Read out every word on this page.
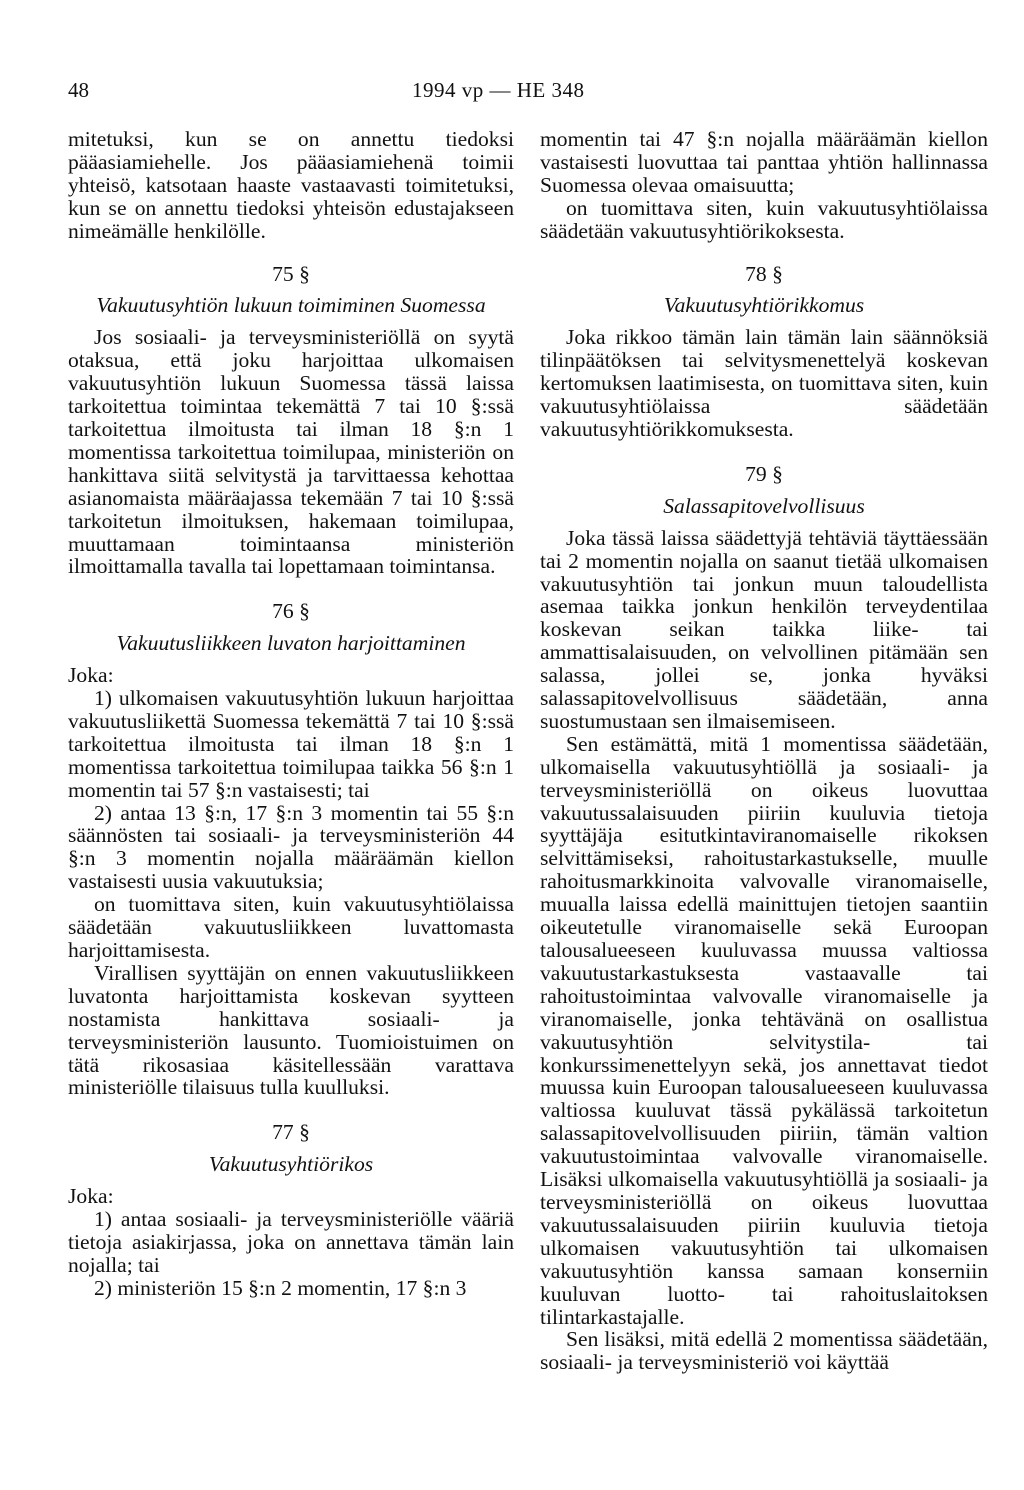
48	1994 vp — HE 348

mitetuksi, kun se on annettu tiedoksi pääasiamiehelle. Jos pääasiamiehenä toimii yhteisö, katsotaan haaste vastaavasti toimitetuksi, kun se on annettu tiedoksi yhteisön edustajakseen nimeämälle henkilölle.

75 §
Vakuutusyhtiön lukuun toimiminen Suomessa

Jos sosiaali- ja terveysministeriöllä on syytä otaksua, että joku harjoittaa ulkomaisen vakuutusyhtiön lukuun Suomessa tässä laissa tarkoitettua toimintaa tekemättä 7 tai 10 §:ssä tarkoitettua ilmoitusta tai ilman 18 §:n 1 momentissa tarkoitettua toimilupaa, ministeriön on hankittava siitä selvitystä ja tarvittaessa kehottaa asianomaista määräajassa tekemään 7 tai 10 §:ssä tarkoitetun ilmoituksen, hakemaan toimilupaa, muuttamaan toimintaansa ministeriön ilmoittamalla tavalla tai lopettamaan toimintansa.

76 §
Vakuutusliikkeen luvaton harjoittaminen

Joka:

1) ulkomaisen vakuutusyhtiön lukuun harjoittaa vakuutusliikettä Suomessa tekemättä 7 tai 10 §:ssä tarkoitettua ilmoitusta tai ilman 18 §:n 1 momentissa tarkoitettua toimilupaa taikka 56 §:n 1 momentin tai 57 §:n vastaisesti; tai

2) antaa 13 §:n, 17 §:n 3 momentin tai 55 §:n säännösten tai sosiaali- ja terveysministeriön 44 §:n 3 momentin nojalla määräämän kiellon vastaisesti uusia vakuutuksia;

on tuomittava siten, kuin vakuutusyhtiölaissa säädetään vakuutusliikkeen luvattomasta harjoittamisesta.

Virallisen syyttäjän on ennen vakuutusliikkeen luvatonta harjoittamista koskevan syytteen nostamista hankittava sosiaali- ja terveysministeriön lausunto. Tuomioistuimen on tätä rikosasiaa käsitellessään varattava ministeriölle tilaisuus tulla kuulluksi.

77 §
Vakuutusyhtiörikos

Joka:

1) antaa sosiaali- ja terveysministeriölle vääriä tietoja asiakirjassa, joka on annettava tämän lain nojalla; tai

2) ministeriön 15 §:n 2 momentin, 17 §:n 3

momentin tai 47 §:n nojalla määräämän kiellon vastaisesti luovuttaa tai panttaa yhtiön hallinnassa Suomessa olevaa omaisuutta;

on tuomittava siten, kuin vakuutusyhtiölaissa säädetään vakuutusyhtiörikoksesta.

78 §
Vakuutusyhtiörikkomus

Joka rikkoo tämän lain tämän lain säännöksiä tilinpäätöksen tai selvitysmenettelyä koskevan kertomuksen laatimisesta, on tuomittava siten, kuin vakuutusyhtiölaissa säädetään vakuutusyhtiörikkomuksesta.

79 §
Salassapitovelvollisuus

Joka tässä laissa säädettyjä tehtäviä täyttäessään tai 2 momentin nojalla on saanut tietää ulkomaisen vakuutusyhtiön tai jonkun muun taloudellista asemaa taikka jonkun henkilön terveydentilaa koskevan seikan taikka liike- tai ammattisalaisuuden, on velvollinen pitämään sen salassa, jollei se, jonka hyväksi salassapitovelvollisuus säädetään, anna suostumustaan sen ilmaisemiseen.

Sen estämättä, mitä 1 momentissa säädetään, ulkomaisella vakuutusyhtiöllä ja sosiaali- ja terveysministeriöllä on oikeus luovuttaa vakuutussalaisuuden piiriin kuuluvia tietoja syyttäjäja esitutkintaviranomaiselle rikoksen selvittämiseksi, rahoitustarkastukselle, muulle rahoitusmarkkinoita valvovalle viranomaiselle, muualla laissa edellä mainittujen tietojen saantiin oikeutetulle viranomaiselle sekä Euroopan talousalueeseen kuuluvassa muussa valtiossa vakuutustarkastuksesta vastaavalle tai rahoitustoimintaa valvovalle viranomaiselle ja viranomaiselle, jonka tehtävänä on osallistua vakuutusyhtiön selvitystila- tai konkurssimenettelyyn sekä, jos annettavat tiedot muussa kuin Euroopan talousalueeseen kuuluvassa valtiossa kuuluvat tässä pykälässä tarkoitetun salassapitovelvollisuuden piiriin, tämän valtion vakuutustoimintaa valvovalle viranomaiselle. Lisäksi ulkomaisella vakuutusyhtiöllä ja sosiaali- ja terveysministeriöllä on oikeus luovuttaa vakuutussalaisuuden piiriin kuuluvia tietoja ulkomaisen vakuutusyhtiön tai ulkomaisen vakuutusyhtiön kanssa samaan konserniin kuuluvan luotto- tai rahoituslaitoksen tilintarkastajalle.

Sen lisäksi, mitä edellä 2 momentissa säädetään, sosiaali- ja terveysministeriö voi käyttää
